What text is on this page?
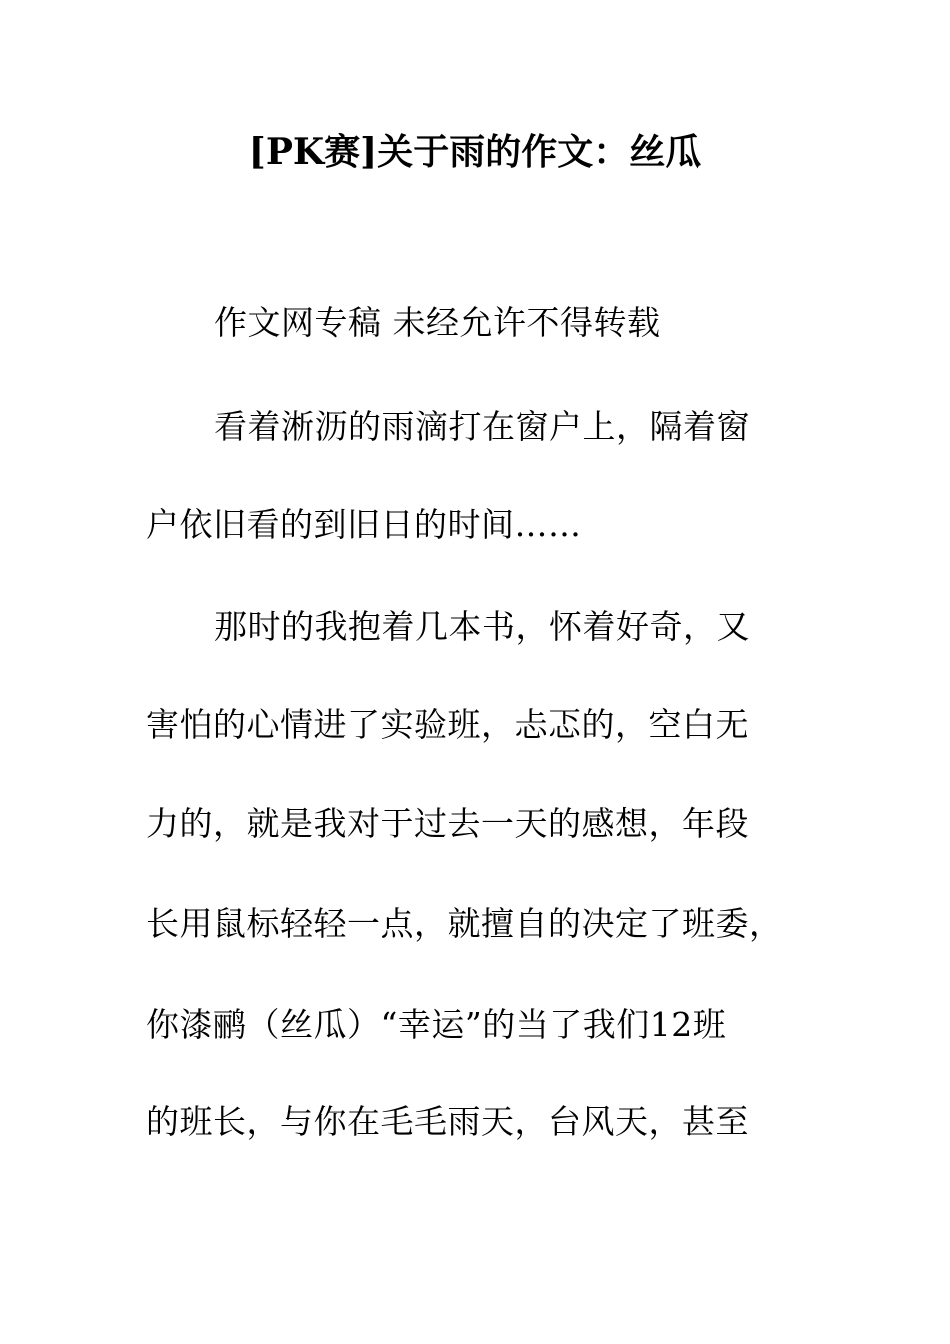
[PK赛]关于雨的作文：丝瓜
作文网专稿 未经允许不得转载
看着淅沥的雨滴打在窗户上，隔着窗
户依旧看的到旧日的时间……
那时的我抱着几本书，怀着好奇，又
害怕的心情进了实验班，忐忑的，空白无
力的，就是我对于过去一天的感想，年段
长用鼠标轻轻一点，就擅自的决定了班委，
你漆鹂（丝瓜）“幸运”的当了我们12班
的班长，与你在毛毛雨天，台风天，甚至
